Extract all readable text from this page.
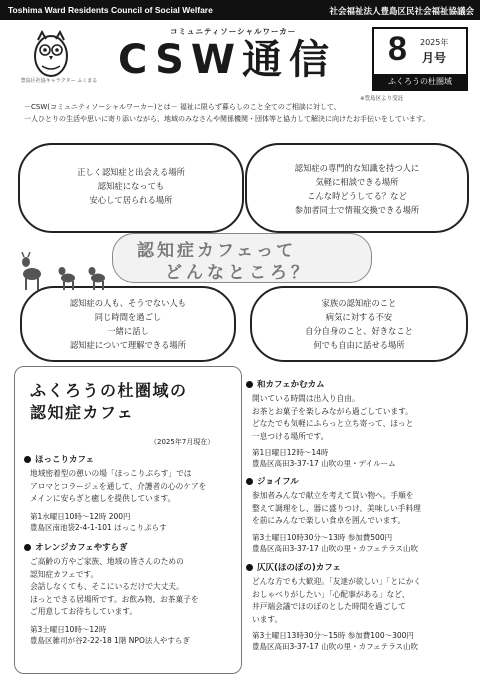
Toshima Ward Residents Council of Social Welfare	社会福祉法人豊島区民社会福祉協議会
豊島区社協キャラクター ふくまる
コミュニティソーシャルワーカー
CSW通信 8 2025年
月号
ふくろうの杜圏域
※豊島区より受託
－CSW(コミュニティソーシャルワーカー)とは－ 福祉に限らず暮らしのこと全てのご相談に対して、
一人ひとりの生活や思いに寄り添いながら、地域のみなさんや関係機関・団体等と協力して解決に向けたお手伝いをしています。
正しく認知症と出会える場所
認知症になっても
安心して居られる場所
認知症の専門的な知識を持つ人に
気軽に相談できる場所
こんな時どうしてる？など
参加者同士で情報交換できる場所
認知症の人も、そうでない人も
同じ時間を過ごし
一緒に話し
認知症について理解できる場所
家族の認知症のこと
病気に対する不安
自分自身のこと、好きなこと
何でも自由に話せる場所
認知症カフェって
どんなところ？
ふくろうの杜圏域の
認知症カフェ
（2025年7月現在）
ほっこりカフェ
地域密着型の憩いの場「ほっこりぷらす」では
アロマとコラージュを通して、介護者の心のケアを
メインに安らぎと癒しを提供しています。
第1水曜日10時～12時 200円
豊島区南池袋2-4-1-101 ほっこりぷらす
オレンジカフェやすらぎ
ご高齢の方やご家族、地域の皆さんのための
認知症カフェです。
会話しなくても、そこにいるだけで大丈夫。
ほっとできる居場所です。お飲み物、お茶菓子を
ご用意してお待ちしています。
第3土曜日10時～12時
豊島区雑司が谷2-22-18 1階 NPO法人やすらぎ
和カフェかむカム
開いている時間は出入り自由。
お茶とお菓子を楽しみながら過ごしています。
どなたでも気軽にふらっと立ち寄って、ほっと
一息つける場所です。
第1日曜日12時～14時
豊島区高田3-37-17 山吹の里・デイルーム
ジョイフル
参加者みんなで献立を考えて買い物へ。手順を
整えて調理をし、器に盛りつけ、美味しい手料理
を前にみんなで楽しい食卓を囲んでいます。
第3土曜日10時30分～13時 参加費500円
豊島区高田3-37-17 山吹の里・カフェテラス山吹
仄仄(ほのぼの)カフェ
どんな方でも大歓迎。「友達が欲しい」「とにかく
おしゃべりがしたい」「心配事がある」など、
井戸端会議でほのぼのとした時間を過ごして
います。
第3土曜日13時30分～15時 参加費100～300円
豊島区高田3-37-17 山吹の里・カフェテラス山吹
